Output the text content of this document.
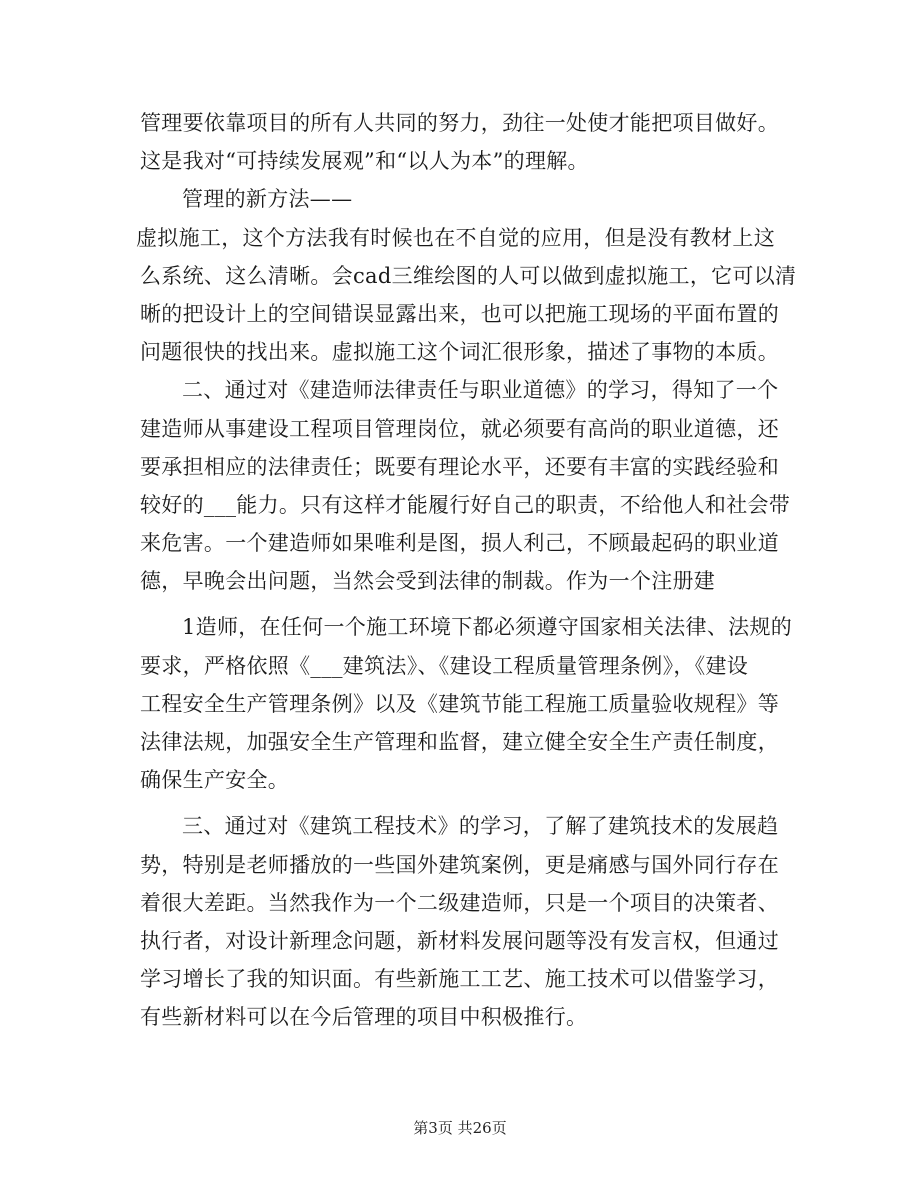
管理要依靠项目的所有人共同的努力，劲往一处使才能把项目做好。
这是我对“可持续发展观”和“以人为本”的理解。
管理的新方法——
虚拟施工，这个方法我有时候也在不自觉的应用，但是没有教材上这
么系统、这么清晰。会cad三维绘图的人可以做到虚拟施工，它可以清
晰的把设计上的空间错误显露出来，也可以把施工现场的平面布置的
问题很快的找出来。虚拟施工这个词汇很形象，描述了事物的本质。
二、通过对《建造师法律责任与职业道德》的学习，得知了一个
建造师从事建设工程项目管理岗位，就必须要有高尚的职业道德，还
要承担相应的法律责任；既要有理论水平，还要有丰富的实践经验和
较好的___能力。只有这样才能履行好自己的职责，不给他人和社会带
来危害。一个建造师如果唯利是图，损人利己，不顾最起码的职业道
德，早晚会出问题，当然会受到法律的制裁。作为一个注册建
1造师，在任何一个施工环境下都必须遵守国家相关法律、法规的
要求，严格依照《___建筑法》、《建设工程质量管理条例》，《建设
工程安全生产管理条例》以及《建筑节能工程施工质量验收规程》等
法律法规，加强安全生产管理和监督，建立健全安全生产责任制度，
确保生产安全。
三、通过对《建筑工程技术》的学习，了解了建筑技术的发展趋
势，特别是老师播放的一些国外建筑案例，更是痛感与国外同行存在
着很大差距。当然我作为一个二级建造师，只是一个项目的决策者、
执行者，对设计新理念问题，新材料发展问题等没有发言权，但通过
学习增长了我的知识面。有些新施工工艺、施工技术可以借鉴学习，
有些新材料可以在今后管理的项目中积极推行。
第3页 共26页
